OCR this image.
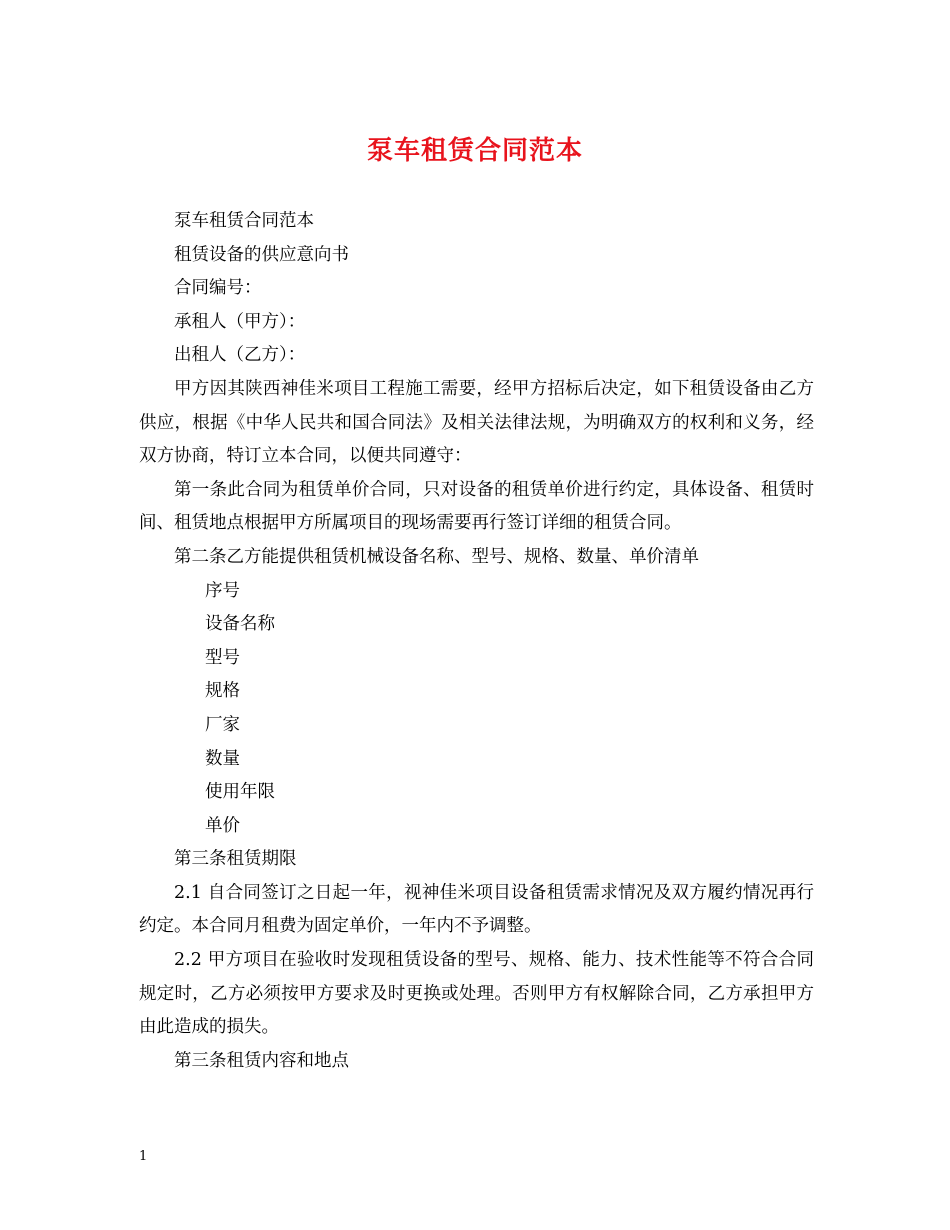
泵车租赁合同范本

泵车租赁合同范本

租赁设备的供应意向书

合同编号：

承租人（甲方）：

出租人（乙方）：

甲方因其陕西神佳米项目工程施工需要，经甲方招标后决定，如下租赁设备由乙方供应，根据《中华人民共和国合同法》及相关法律法规，为明确双方的权利和义务，经双方协商，特订立本合同，以便共同遵守：

第一条此合同为租赁单价合同，只对设备的租赁单价进行约定，具体设备、租赁时间、租赁地点根据甲方所属项目的现场需要再行签订详细的租赁合同。

第二条乙方能提供租赁机械设备名称、型号、规格、数量、单价清单

序号

设备名称

型号

规格

厂家

数量

使用年限

单价

第三条租赁期限

2.1 自合同签订之日起一年，视神佳米项目设备租赁需求情况及双方履约情况再行约定。本合同月租费为固定单价，一年内不予调整。

2.2 甲方项目在验收时发现租赁设备的型号、规格、能力、技术性能等不符合合同规定时，乙方必须按甲方要求及时更换或处理。否则甲方有权解除合同，乙方承担甲方由此造成的损失。

第三条租赁内容和地点

1
